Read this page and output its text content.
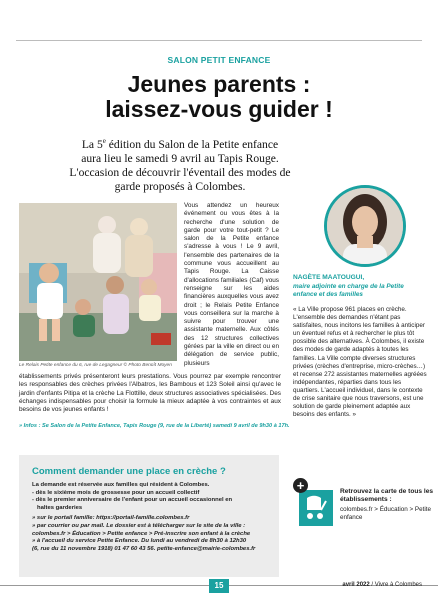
SALON PETIT ENFANCE
Jeunes parents :
laissez-vous guider !
La 5e édition du Salon de la Petite enfance
aura lieu le samedi 9 avril au Tapis Rouge.
L'occasion de découvrir l'éventail des modes de
garde proposés à Colombes.
Le Relais Petite enfance du 6, rue de Legagneur © Photo Benoît Moyen
Vous attendez un heureux événement ou vous êtes à la recherche d'une solution de garde pour votre tout-petit ? Le salon de la Petite enfance s'adresse à vous ! Le 9 avril, l'ensemble des partenaires de la commune vous accueillent au Tapis Rouge. La Caisse d'allocations familiales (Caf) vous renseigne sur les aides financières auxquelles vous avez droit ; le Relais Petite Enfance vous conseillera sur la marche à suivre pour trouver une assistante maternelle. Aux côtés des 12 structures collectives gérées par la ville en direct ou en délégation de service public, plusieurs
établissements privés présenteront leurs prestations. Vous pourrez par exemple rencontrer les responsables des crèches privées l'Albatros, les Bambous et 123 Soleil ainsi qu'avec le jardin d'enfants Pitipa et la crèche La Flottille, deux structures associatives spécialisées. Des échanges indispensables pour choisir la formule la mieux adaptée à vos contraintes et aux besoins de vos jeunes enfants !
» Infos : Se Salon de la Petite Enfance, Tapis Rouge (9, rue de la Liberté) samedi 9 avril de 9h30 à 17h.
NAGÈTE MAATOUGUI,
maire adjointe en charge de la Petite enfance et des familles
« La Ville propose 961 places en crèche. L'ensemble des demandes n'étant pas satisfaites, nous incitons les familles à anticiper un éventuel refus et à rechercher le plus tôt possible des alternatives. À Colombes, il existe des modes de garde adaptés à toutes les familles. La Ville compte diverses structures privées (crèches d'entreprise, micro-crèches…) et recense 272 assistantes maternelles agréées indépendantes, réparties dans tous les quartiers. L'accueil individuel, dans le contexte de crise sanitaire que nous traversons, est une solution de garde pleinement adaptée aux besoins des enfants. »
Comment demander une place en crèche ?
La demande est réservée aux familles qui résident à Colombes.
- dès le sixième mois de grossesse pour un accueil collectif
- dès le premier anniversaire de l'enfant pour un accueil occasionnel en
haltes garderies
» sur le portail famille: https://portail-famille.colombes.fr
» par courrier ou par mail. Le dossier est à télécharger sur le site de la ville :
colombes.fr > Éducation > Petite enfance > Pré-inscrire son enfant à la crèche
» à l'accueil du service Petite Enfance. Du lundi au vendredi de 8h30 à 12h30
(6, rue du 11 novembre 1918) 01 47 60 43 56. petite-enfance@mairie-colombes.fr
+	Retrouvez la carte de tous les établissements :
colombes.fr > Éducation > Petite enfance
15	avril 2022 / Vivre à Colombes
